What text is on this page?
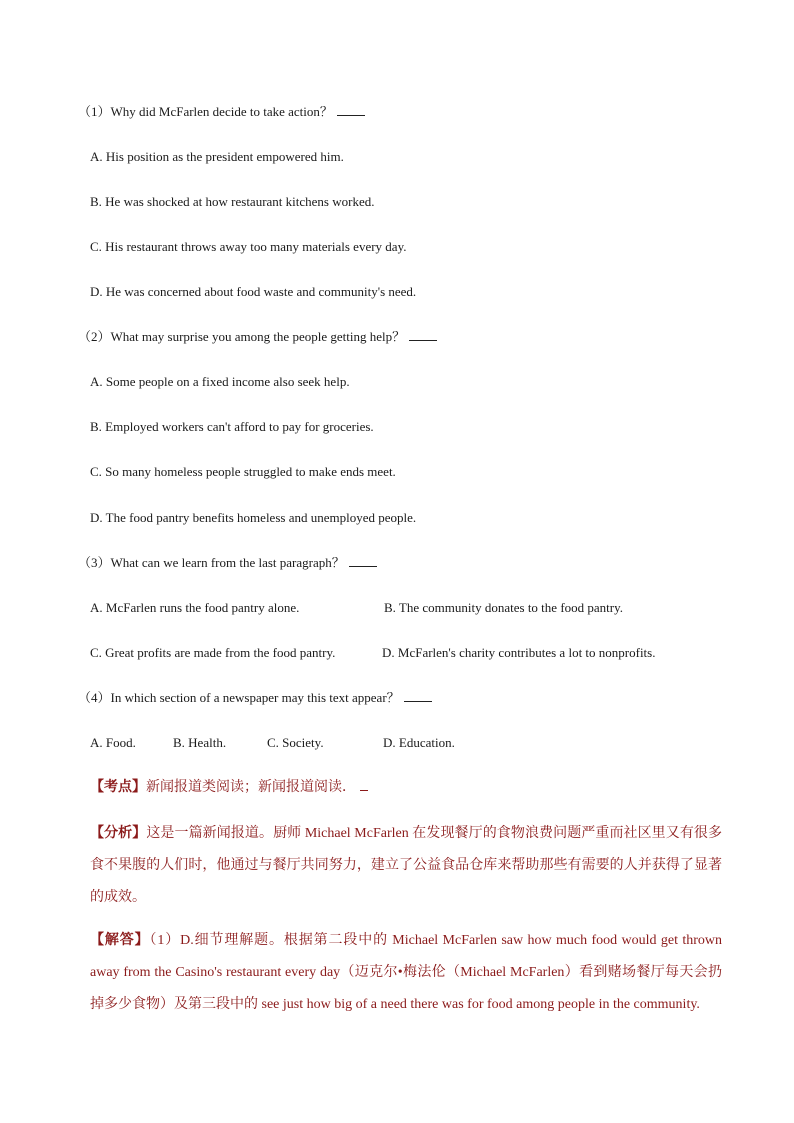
（1）Why did McFarlen decide to take action？
A. His position as the president empowered him.
B. He was shocked at how restaurant kitchens worked.
C. His restaurant throws away too many materials every day.
D. He was concerned about food waste and community's need.
（2）What may surprise you among the people getting help？
A. Some people on a fixed income also seek help.
B. Employed workers can't afford to pay for groceries.
C. So many homeless people struggled to make ends meet.
D. The food pantry benefits homeless and unemployed people.
（3）What can we learn from the last paragraph？
A. McFarlen runs the food pantry alone.	B. The community donates to the food pantry.
C. Great profits are made from the food pantry.	D. McFarlen's charity contributes a lot to nonprofits.
（4）In which section of a newspaper may this text appear？
A. Food.	B. Health.	C. Society.	D. Education.
【考点】新闻报道类阅读；新闻报道阅读．
【分析】这是一篇新闻报道。厨师 Michael McFarlen 在发现餐厅的食物浪费问题严重而社区里又有很多食不果腹的人们时，他通过与餐厅共同努力，建立了公益食品仓库来帮助那些有需要的人并获得了显著的成效。
【解答】（1）D.细节理解题。根据第二段中的 Michael McFarlen saw how much food would get thrown away from the Casino's restaurant every day（迈克尔•梅法伦（Michael McFarlen）看到赌场餐厅每天会扔掉多少食物）及第三段中的 see just how big of a need there was for food among people in the community.
